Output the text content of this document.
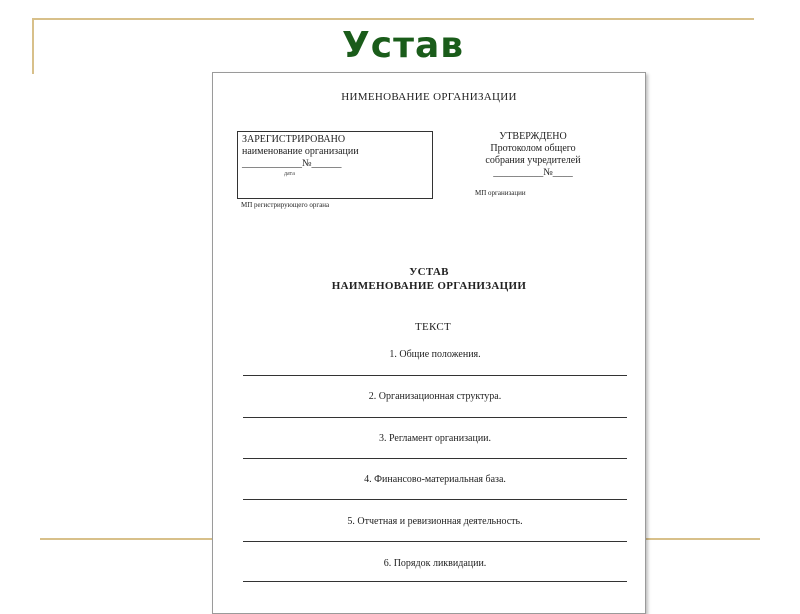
Устав
НИМЕНОВАНИЕ ОРГАНИЗАЦИИ
ЗАРЕГИСТРИРОВАНО
наименование организации
____________№______
дата
МП регистрирующего органа
УТВЕРЖДЕНО
Протоколом общего
собрания учредителей
__________№____
МП организации
УСТАВ
НАИМЕНОВАНИЕ ОРГАНИЗАЦИИ
ТЕКСТ
1. Общие положения.
2. Организационная структура.
3. Регламент организации.
4. Финансово-материальная база.
5. Отчетная и ревизионная деятельность.
6. Порядок ликвидации.
